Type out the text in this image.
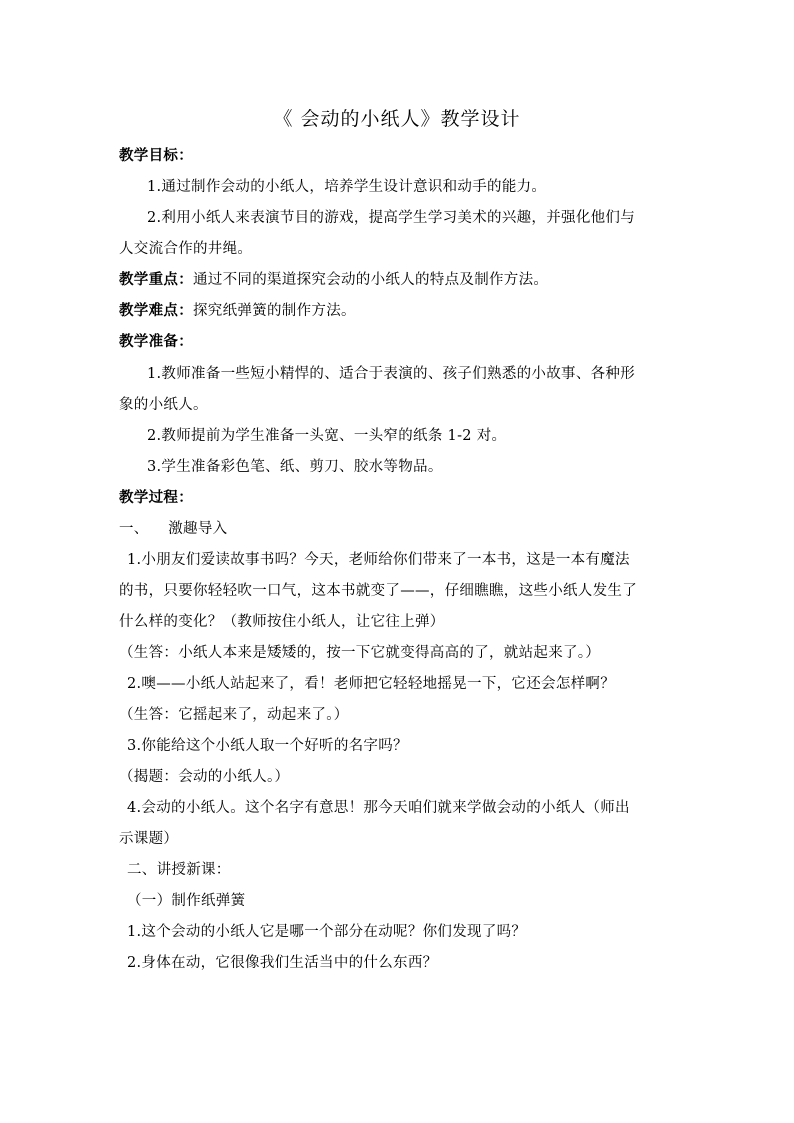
《 会动的小纸人》教学设计
教学目标：
1.通过制作会动的小纸人，培养学生设计意识和动手的能力。
2.利用小纸人来表演节目的游戏，提高学生学习美术的兴趣，并强化他们与
人交流合作的井绳。
教学重点：通过不同的渠道探究会动的小纸人的特点及制作方法。
教学难点：探究纸弹簧的制作方法。
教学准备：
1.教师准备一些短小精悍的、适合于表演的、孩子们熟悉的小故事、各种形
象的小纸人。
2.教师提前为学生准备一头宽、一头窄的纸条 1-2 对。
3.学生准备彩色笔、纸、剪刀、胶水等物品。
教学过程：
一、    激趣导入
1.小朋友们爱读故事书吗？今天，老师给你们带来了一本书，这是一本有魔法
的书，只要你轻轻吹一口气，这本书就变了——，仔细瞧瞧，这些小纸人发生了
什么样的变化？（教师按住小纸人，让它往上弹）
（生答：小纸人本来是矮矮的，按一下它就变得高高的了，就站起来了。）
2.噢——小纸人站起来了，看！老师把它轻轻地摇晃一下，它还会怎样啊？
（生答：它摇起来了，动起来了。）
3.你能给这个小纸人取一个好听的名字吗？
（揭题：会动的小纸人。）
4.会动的小纸人。这个名字有意思！那今天咱们就来学做会动的小纸人（师出
示课题）
二、讲授新课：
（一）制作纸弹簧
1.这个会动的小纸人它是哪一个部分在动呢？你们发现了吗？
2.身体在动，它很像我们生活当中的什么东西？
